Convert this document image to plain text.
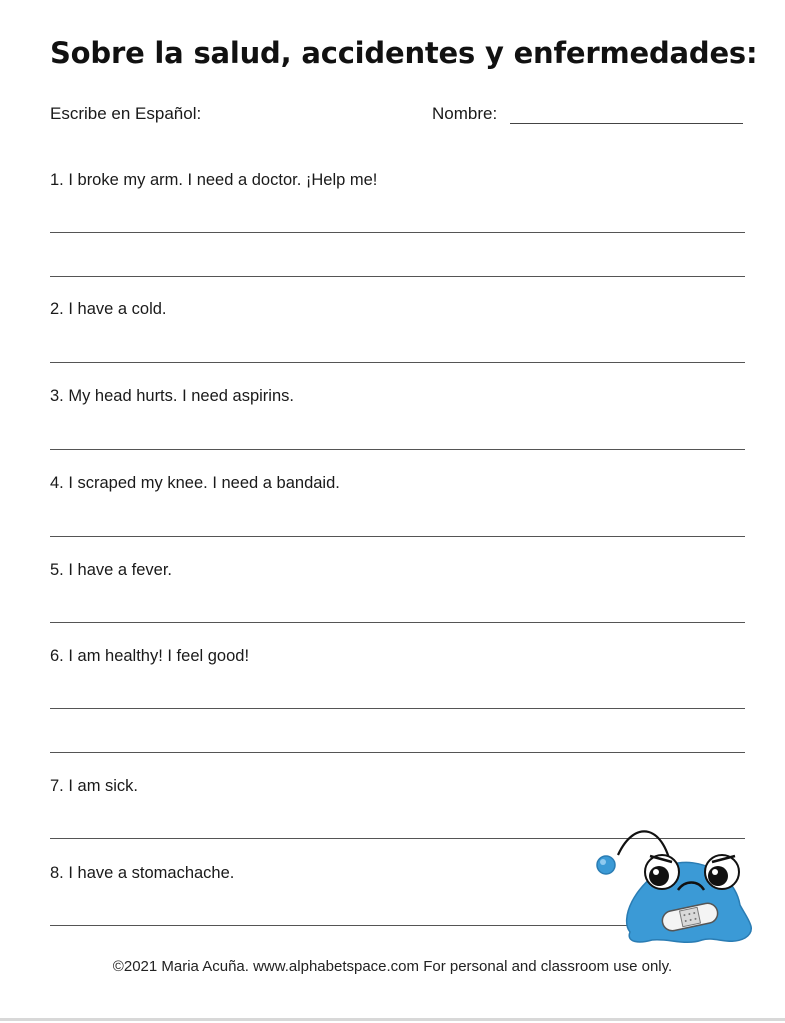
Sobre la salud, accidentes y enfermedades:
Escribe en Español:	Nombre:
1. I broke my arm. I need a doctor. ¡Help me!
2. I have a cold.
3. My head hurts. I need aspirins.
4. I scraped my knee. I need a bandaid.
5. I have a fever.
6. I am healthy! I feel good!
7. I am sick.
8. I have a stomachache.
©2021 Maria Acuña. www.alphabetspace.com For personal and classroom use only.
